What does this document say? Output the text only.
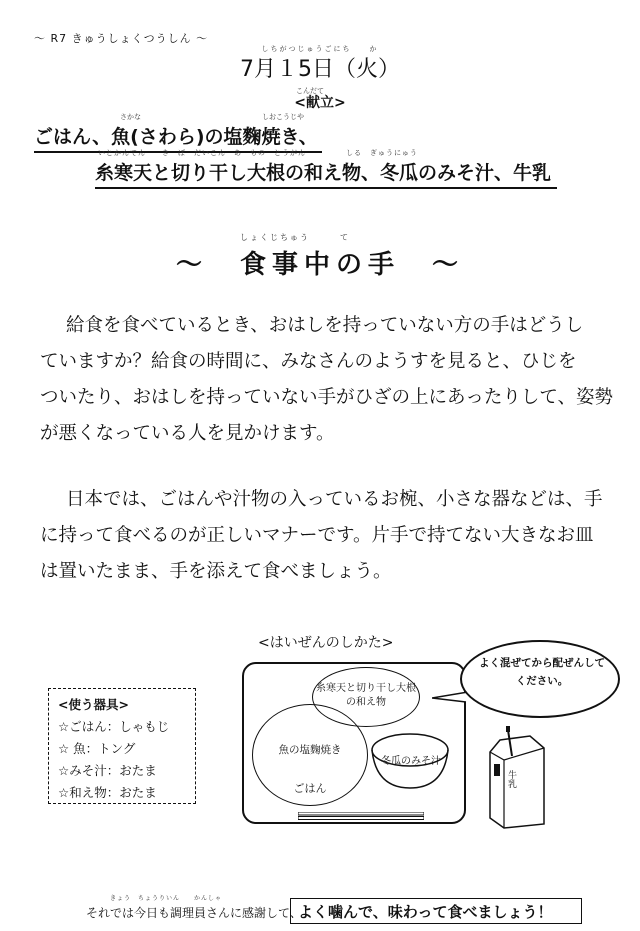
～ R7 きゅうしょくつうしん ～
しちがつじゅうごにち　　か
7月１5日（火）
こんだて
<献立>
さかな	しおこうじや
ごはん、魚(さわら)の塩麴焼き、
いとかんてん　　き　ぼ　だいこん　あ　もの　とうがん　　　　　しる　ぎゅうにゅう
糸寒天と切り干し大根の和え物、冬瓜のみそ汁、牛乳
しょくじちゅう　　　て
～　食事中の手　～
給食を食べているとき、おはしを持っていない方の手はどうし
ていますか？給食の時間に、みなさんのようすを見ると、ひじを
ついたり、おはしを持っていない手がひざの上にあったりして、姿勢
が悪くなっている人を見かけます。
日本では、ごはんや汁物の入っているお椀、小さな器などは、手
に持って食べるのが正しいマナーです。片手で持てない大きなお皿
は置いたまま、手を添えて食べましょう。
<はいぜんのしかた>
よく混ぜてから配ぜんしてください。
糸寒天と切り干し大根の和え物
魚の塩麴焼き
ごはん
冬瓜のみそ汁
牛乳
<使う器具>
☆ごはん：しゃもじ
☆ 魚：トング
☆みそ汁：おたま
☆和え物：おたま
きょう　ちょうりいん　　かんしゃ
それでは今日も調理員さんに感謝して、
よく噛んで、味わって食べましょう！
